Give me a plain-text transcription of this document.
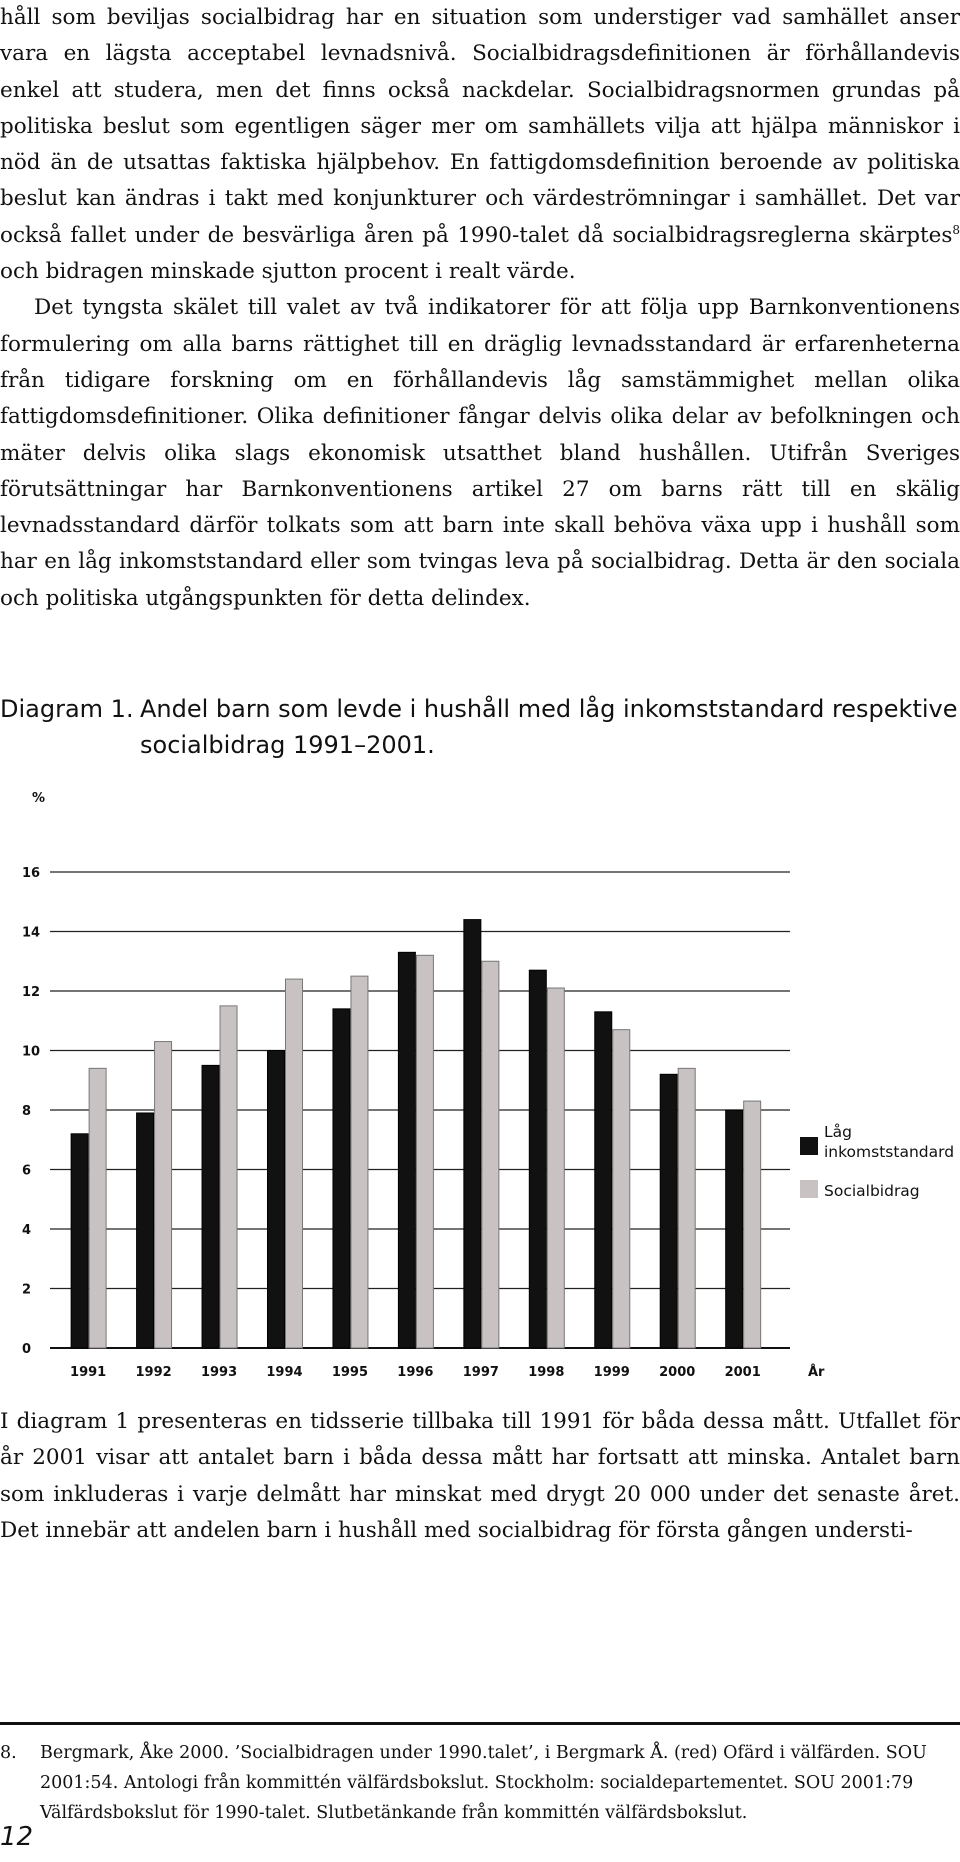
håll som beviljas socialbidrag har en situation som understiger vad samhället anser vara en lägsta acceptabel levnadsnivå. Socialbidragsdefinitionen är förhållandevis enkel att studera, men det finns också nackdelar. Socialbidragsnormen grundas på politiska beslut som egentligen säger mer om samhällets vilja att hjälpa människor i nöd än de utsattas faktiska hjälpbehov. En fattigdomsdefinition beroende av politiska beslut kan ändras i takt med konjunkturer och värdeströmningar i samhället. Det var också fallet under de besvärliga åren på 1990-talet då socialbidragsreglerna skärptes$^8$ och bidragen minskade sjutton procent i realt värde.

Det tyngsta skälet till valet av två indikatorer för att följa upp Barnkonventionens formulering om alla barns rättighet till en dräglig levnadsstandard är erfarenheterna från tidigare forskning om en förhållandevis låg samstämmighet mellan olika fattigdomsdefinitioner. Olika definitioner fångar delvis olika delar av befolkningen och mäter delvis olika slags ekonomisk utsatthet bland hushållen. Utifrån Sveriges förutsättningar har Barnkonventionens artikel 27 om barns rätt till en skälig levnadsstandard därför tolkats som att barn inte skall behöva växa upp i hushåll som har en låg inkomststandard eller som tvingas leva på socialbidrag. Detta är den sociala och politiska utgångspunkten för detta delindex.

Diagram 1. Andel barn som levde i hushåll med låg inkomststandard respektive socialbidrag 1991–2001.
%
0
2
4
6
8
10
12
14
16
1991 1992 1993 1994 1995 1996 1997 1998 1999 2000 2001	År
Låg
inkomststandard
Socialbidrag

I diagram 1 presenteras en tidsserie tillbaka till 1991 för båda dessa mått. Utfallet för år 2001 visar att antalet barn i båda dessa mått har fortsatt att minska. Antalet barn som inkluderas i varje delmått har minskat med drygt 20 000 under det senaste året. Det innebär att andelen barn i hushåll med socialbidrag för första gången understi-

8. Bergmark, Åke 2000. ’Socialbidragen under 1990.talet’, i Bergmark Å. (red) Ofärd i välfärden. SOU 2001:54. Antologi från kommittén välfärdsbokslut. Stockholm: socialdepartementet. SOU 2001:79 Välfärdsbokslut för 1990-talet. Slutbetänkande från kommittén välfärdsbokslut.
12
